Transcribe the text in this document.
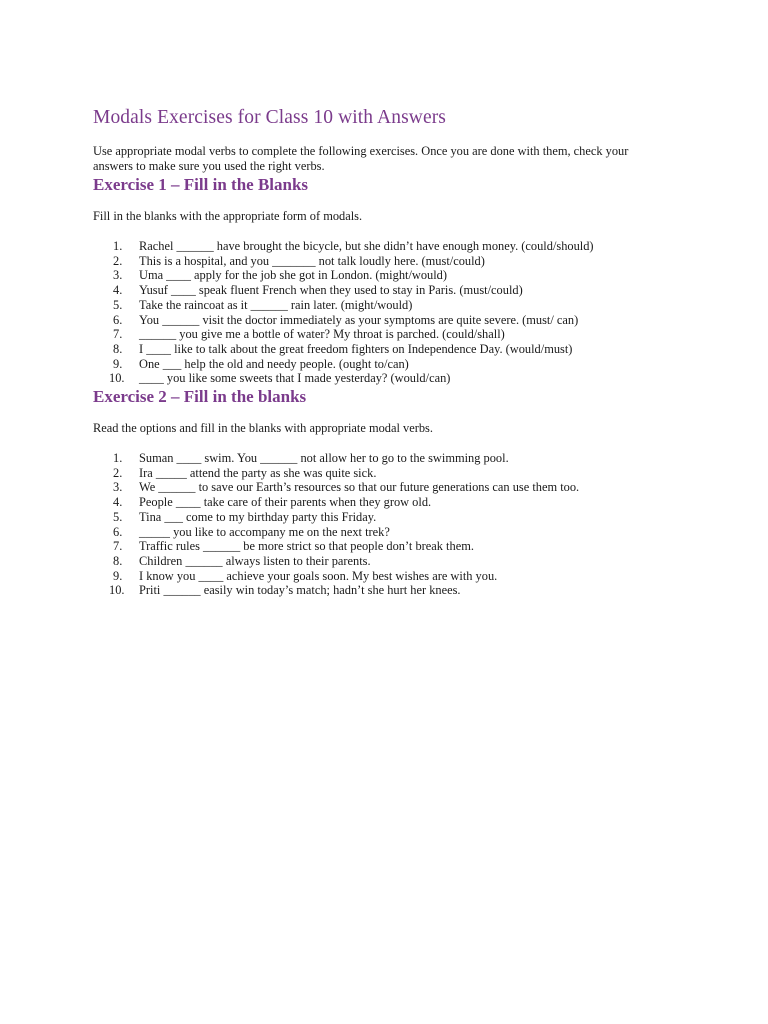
Modals Exercises for Class 10 with Answers

Use appropriate modal verbs to complete the following exercises. Once you are done with them, check your answers to make sure you used the right verbs.

Exercise 1 – Fill in the Blanks

Fill in the blanks with the appropriate form of modals.

1.	Rachel ______ have brought the bicycle, but she didn’t have enough money. (could/should)
2.	This is a hospital, and you _______ not talk loudly here. (must/could)
3.	Uma ____ apply for the job she got in London. (might/would)
4.	Yusuf ____ speak fluent French when they used to stay in Paris. (must/could)
5.	Take the raincoat as it ______ rain later. (might/would)
6.	You ______ visit the doctor immediately as your symptoms are quite severe. (must/ can)
7.	______ you give me a bottle of water? My throat is parched. (could/shall)
8.	I ____ like to talk about the great freedom fighters on Independence Day. (would/must)
9.	One ___ help the old and needy people. (ought to/can)
10. ____ you like some sweets that I made yesterday? (would/can)
Exercise 2 – Fill in the blanks

Read the options and fill in the blanks with appropriate modal verbs.

1.	Suman ____ swim. You ______ not allow her to go to the swimming pool.
2.	Ira _____ attend the party as she was quite sick.
3.	We ______ to save our Earth’s resources so that our future generations can use them too.
4.	People ____ take care of their parents when they grow old.
5.	Tina ___ come to my birthday party this Friday.
6.	_____ you like to accompany me on the next trek?
7.	Traffic rules ______ be more strict so that people don’t break them.
8.	Children ______ always listen to their parents.
9.	I know you ____ achieve your goals soon. My best wishes are with you.
10. Priti ______ easily win today’s match; hadn’t she hurt her knees.
